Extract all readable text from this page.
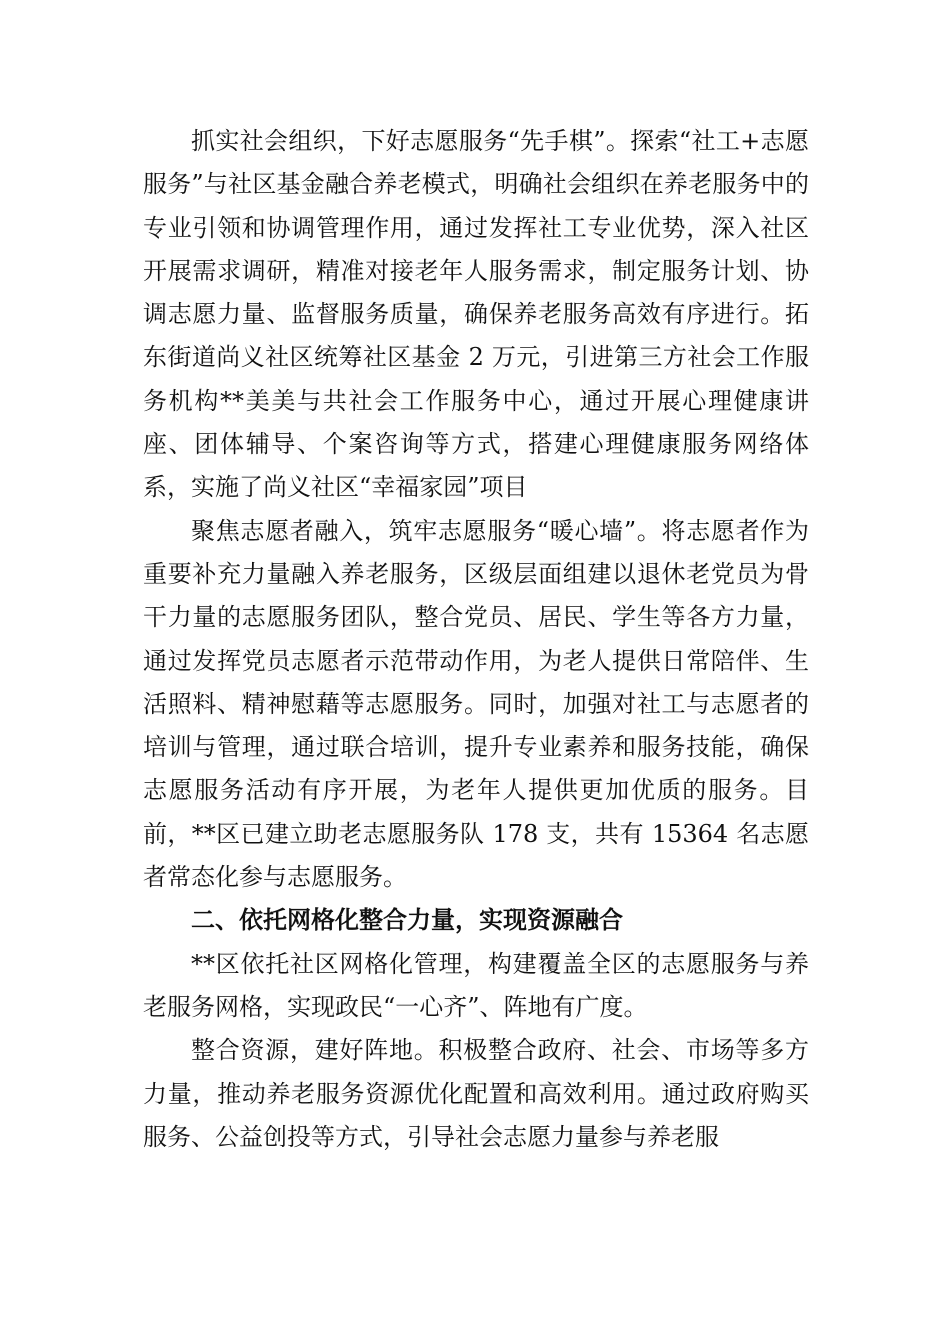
抓实社会组织，下好志愿服务“先手棋”。探索“社工+志愿服务”与社区基金融合养老模式，明确社会组织在养老服务中的专业引领和协调管理作用，通过发挥社工专业优势，深入社区开展需求调研，精准对接老年人服务需求，制定服务计划、协调志愿力量、监督服务质量，确保养老服务高效有序进行。拓东街道尚义社区统筹社区基金 2 万元，引进第三方社会工作服务机构**美美与共社会工作服务中心，通过开展心理健康讲座、团体辅导、个案咨询等方式，搭建心理健康服务网络体系，实施了尚义社区“幸福家园”项目

聚焦志愿者融入，筑牢志愿服务“暖心墙”。将志愿者作为重要补充力量融入养老服务，区级层面组建以退休老党员为骨干力量的志愿服务团队，整合党员、居民、学生等各方力量，通过发挥党员志愿者示范带动作用，为老人提供日常陪伴、生活照料、精神慰藉等志愿服务。同时，加强对社工与志愿者的培训与管理，通过联合培训，提升专业素养和服务技能，确保志愿服务活动有序开展，为老年人提供更加优质的服务。目前，**区已建立助老志愿服务队 178 支，共有 15364 名志愿者常态化参与志愿服务。

二、依托网格化整合力量，实现资源融合

**区依托社区网格化管理，构建覆盖全区的志愿服务与养老服务网格，实现政民“一心齐”、阵地有广度。

整合资源，建好阵地。积极整合政府、社会、市场等多方力量，推动养老服务资源优化配置和高效利用。通过政府购买服务、公益创投等方式，引导社会志愿力量参与养老服
